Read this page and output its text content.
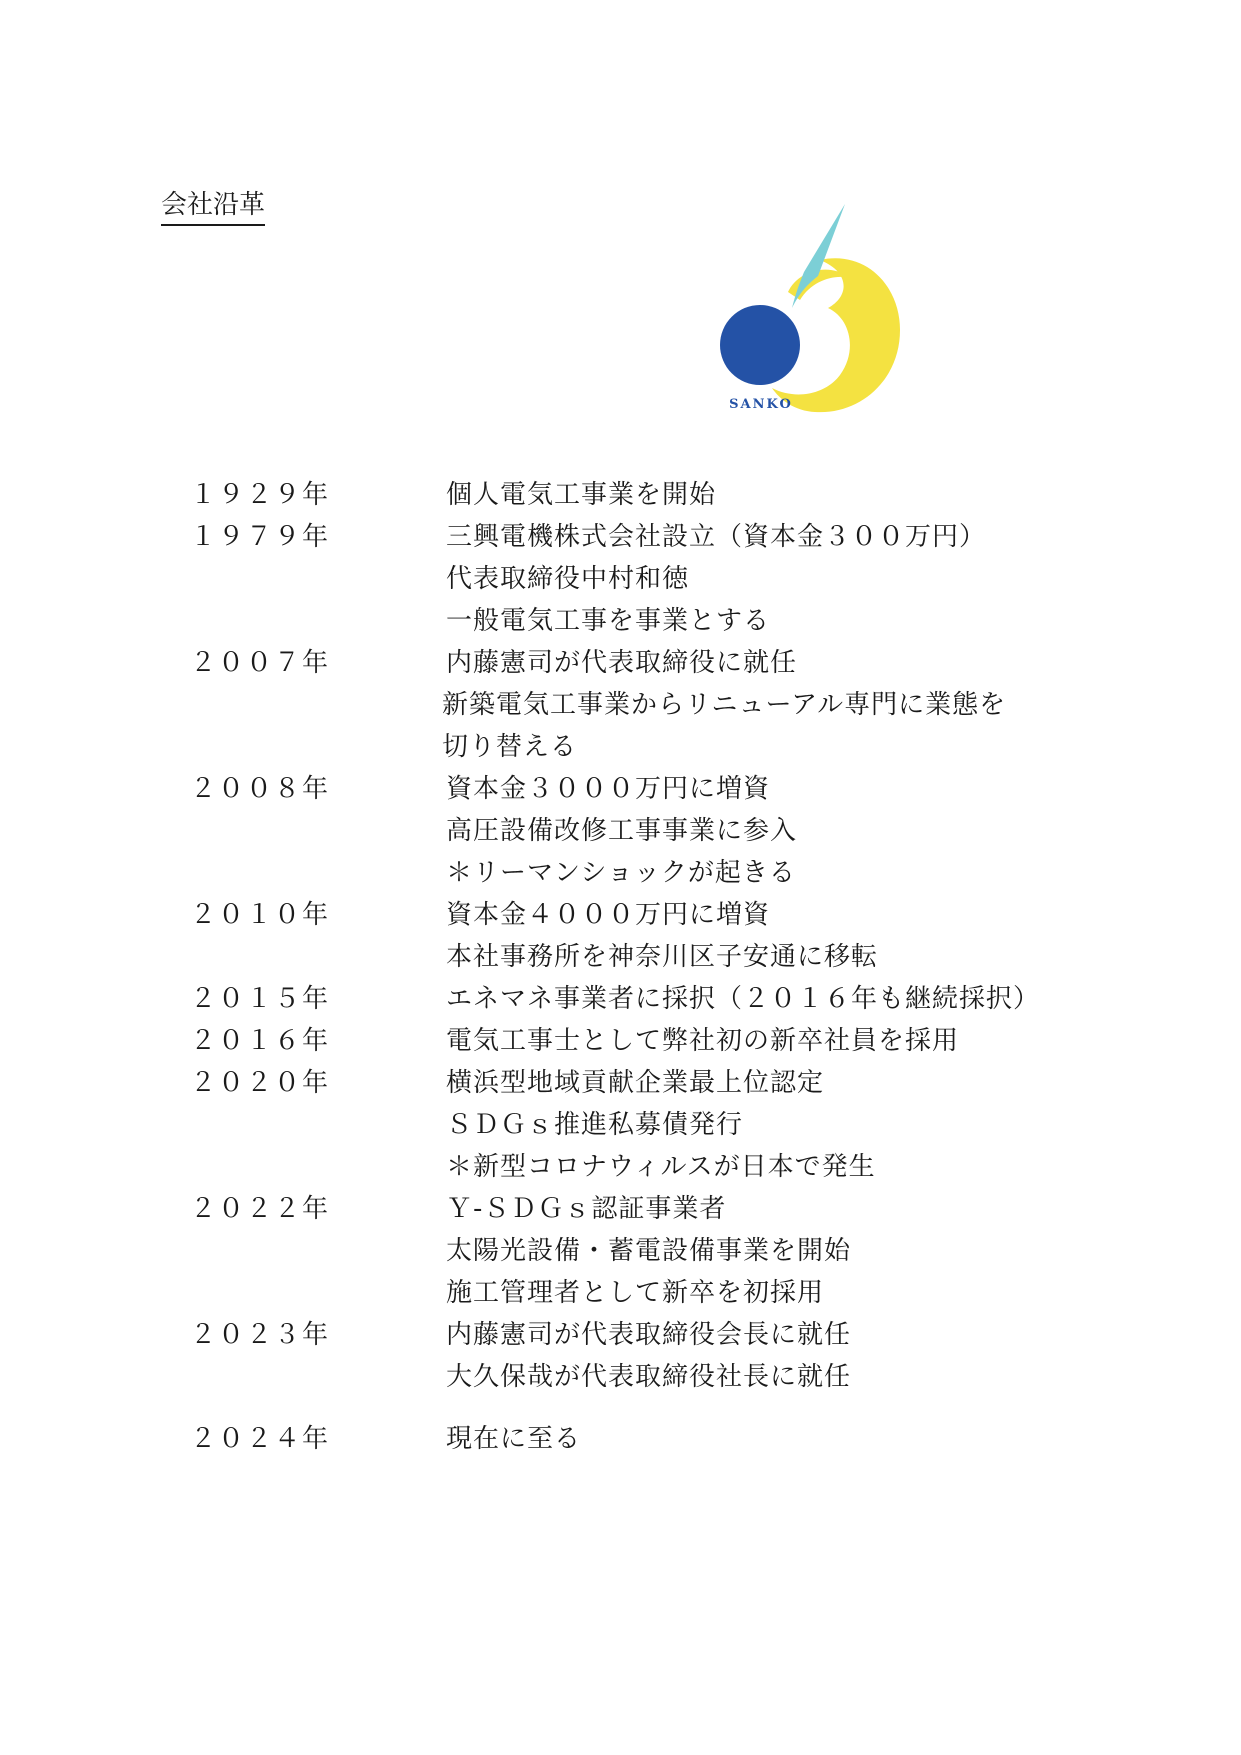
会社沿革
SANKO
１９２９年	個人電気工事業を開始
１９７９年	三興電機株式会社設立（資本金３００万円）
代表取締役中村和徳
一般電気工事を事業とする
２００７年	内藤憲司が代表取締役に就任
新築電気工事業からリニューアル専門に業態を
切り替える
２００８年	資本金３０００万円に増資
高圧設備改修工事事業に参入
＊リーマンショックが起きる
２０１０年	資本金４０００万円に増資
本社事務所を神奈川区子安通に移転
２０１５年	エネマネ事業者に採択（２０１６年も継続採択）
２０１６年	電気工事士として弊社初の新卒社員を採用
２０２０年	横浜型地域貢献企業最上位認定
ＳＤＧｓ推進私募債発行
＊新型コロナウィルスが日本で発生
２０２２年	Ｙ-ＳＤＧｓ認証事業者
太陽光設備・蓄電設備事業を開始
施工管理者として新卒を初採用
２０２３年	内藤憲司が代表取締役会長に就任
大久保哉が代表取締役社長に就任
２０２４年	現在に至る
